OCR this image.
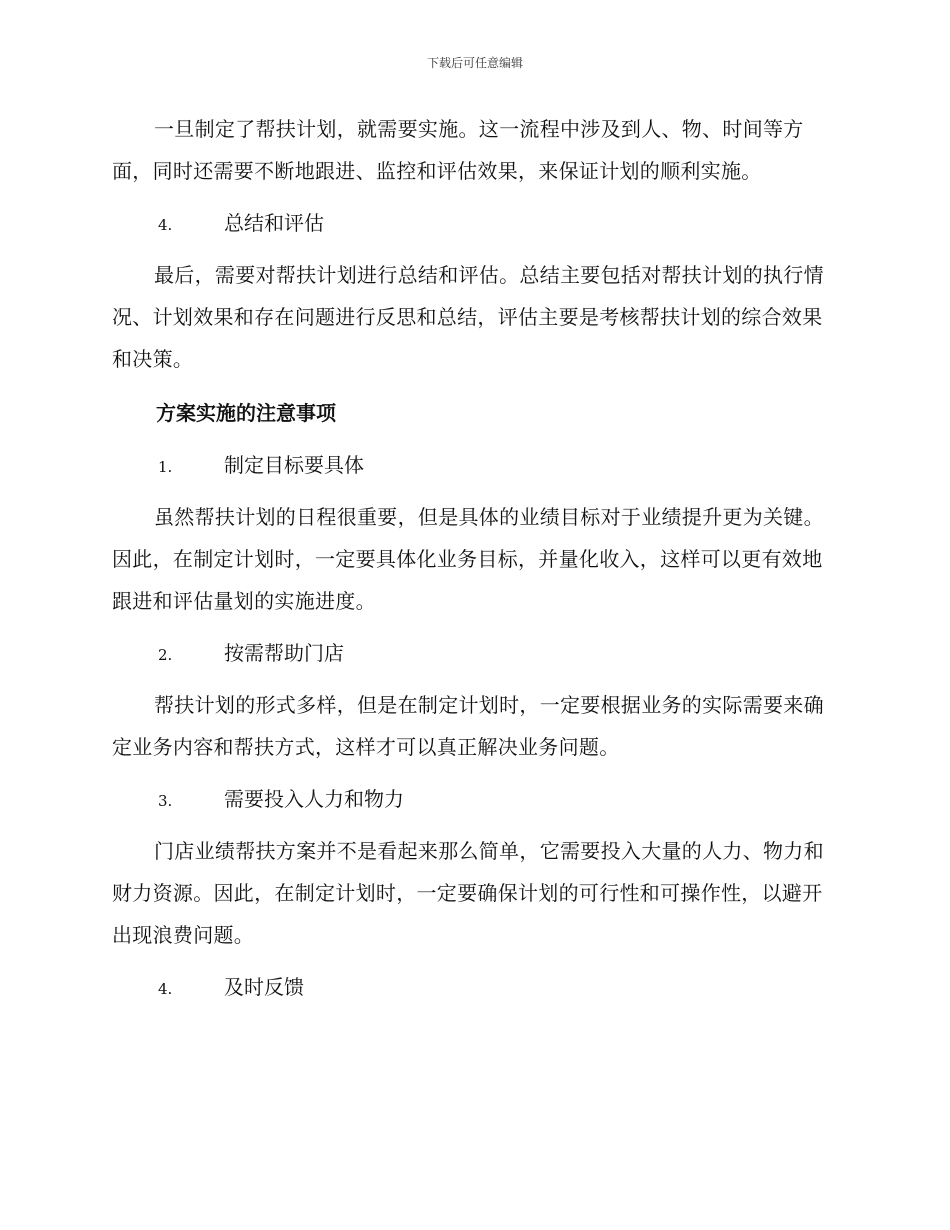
下载后可任意编辑

一旦制定了帮扶计划，就需要实施。这一流程中涉及到人、物、时间等方面，同时还需要不断地跟进、监控和评估效果，来保证计划的顺利实施。

4.	总结和评估

最后，需要对帮扶计划进行总结和评估。总结主要包括对帮扶计划的执行情况、计划效果和存在问题进行反思和总结，评估主要是考核帮扶计划的综合效果和决策。

方案实施的注意事项
1.	制定目标要具体

虽然帮扶计划的日程很重要，但是具体的业绩目标对于业绩提升更为关键。因此，在制定计划时，一定要具体化业务目标，并量化收入，这样可以更有效地跟进和评估量划的实施进度。

2.	按需帮助门店

帮扶计划的形式多样，但是在制定计划时，一定要根据业务的实际需要来确定业务内容和帮扶方式，这样才可以真正解决业务问题。

3.	需要投入人力和物力

门店业绩帮扶方案并不是看起来那么简单，它需要投入大量的人力、物力和财力资源。因此，在制定计划时，一定要确保计划的可行性和可操作性，以避开出现浪费问题。

4.	及时反馈
